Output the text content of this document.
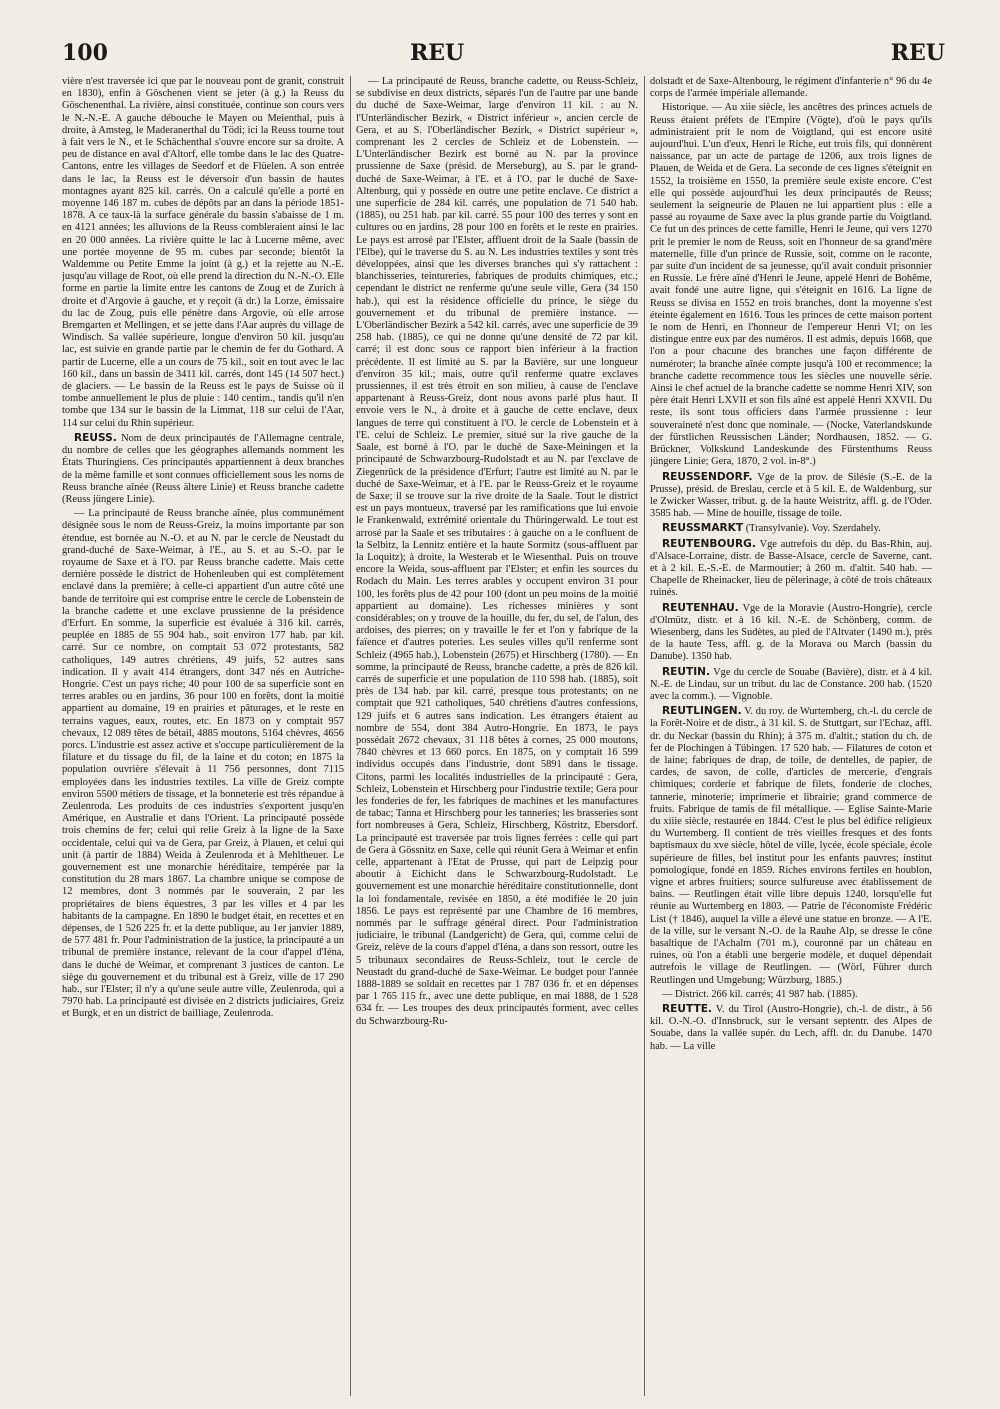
100	REU	REU

vière n'est traversée ici que par le nouveau pont de granit, construit en 1830), enfin à Göschenen vient se jeter (à g.) la Reuss du Göschenenthal. La rivière, ainsi constituée, continue son cours vers le N.-N.-E. A gauche débouche le Mayen ou Meienthal, puis à droite, à Amsteg, le Maderanerthal du Tödi; ici la Reuss tourne tout à fait vers le N., et le Schächenthal s'ouvre encore sur sa droite. A peu de distance en aval d'Altorf, elle tombe dans le lac des Quatre-Cantons, entre les villages de Seedorf et de Flüelen. A son entrée dans le lac, la Reuss est le déversoir d'un bassin de hautes montagnes ayant 825 kil. carrés. On a calculé qu'elle a porté en moyenne 146 187 m. cubes de dépôts par an dans la période 1851-1878. A ce taux-là la surface générale du bassin s'abaisse de 1 m. en 4121 années; les alluvions de la Reuss combleraient ainsi le lac en 20 000 années. La rivière quitte le lac à Lucerne même, avec une portée moyenne de 95 m. cubes par seconde; bientôt la Waldemme ou Petite Emme la joint (à g.) et la rejette au N.-E. jusqu'au village de Root, où elle prend la direction du N.-N.-O. Elle forme en partie la limite entre les cantons de Zoug et de Zurich à droite et d'Argovie à gauche, et y reçoit (à dr.) la Lorze, émissaire du lac de Zoug, puis elle pénètre dans Argovie, où elle arrose Bremgarten et Mellingen, et se jette dans l'Aar auprès du village de Windisch. Sa vallée supérieure, longue d'environ 50 kil. jusqu'au lac, est suivie en grande partie par le chemin de fer du Gothard. A partir de Lucerne, elle a un cours de 75 kil., soit en tout avec le lac 160 kil., dans un bassin de 3411 kil. carrés, dont 145 (14 507 hect.) de glaciers. — Le bassin de la Reuss est le pays de Suisse où il tombe annuellement le plus de pluie : 140 centim., tandis qu'il n'en tombe que 134 sur le bassin de la Limmat, 118 sur celui de l'Aar, 114 sur celui du Rhin supérieur.

REUSS. Nom de deux principautés de l'Allemagne centrale, du nombre de celles que les géographes allemands nomment les États Thuringiens. Ces principautés appartiennent à deux branches de la même famille et sont connues officiellement sous les noms de Reuss branche aînée (Reuss ältere Linie) et Reuss branche cadette (Reuss jüngere Linie).

— La principauté de Reuss branche aînée, plus communément désignée sous le nom de Reuss-Greiz, la moins importante par son étendue, est bornée au N.-O. et au N. par le cercle de Neustadt du grand-duché de Saxe-Weimar, à l'E., au S. et au S.-O. par le royaume de Saxe et à l'O. par Reuss branche cadette. Mais cette dernière possède le district de Hohenleuben qui est complètement enclavé dans la première; à celle-ci appartient d'un autre côté une bande de territoire qui est comprise entre le cercle de Lobenstein de la branche cadette et une exclave prussienne de la présidence d'Erfurt. En somme, la superficie est évaluée à 316 kil. carrés, peuplée en 1885 de 55 904 hab., soit environ 177 hab. par kil. carré. Sur ce nombre, on comptait 53 072 protestants, 582 catholiques, 149 autres chrétiens, 49 juifs, 52 autres sans indication. Il y avait 414 étrangers, dont 347 nés en Autriche-Hongrie. C'est un pays riche; 40 pour 100 de sa superficie sont en terres arables ou en jardins, 36 pour 100 en forêts, dont la moitié appartient au domaine, 19 en prairies et pâturages, et le reste en terrains vagues, eaux, routes, etc. En 1873 on y comptait 957 chevaux, 12 089 têtes de bétail, 4885 moutons, 5164 chèvres, 4656 porcs. L'industrie est assez active et s'occupe particulièrement de la filature et du tissage du fil, de la laine et du coton; en 1875 la population ouvrière s'élevait à 11 756 personnes, dont 7115 employées dans les industries textiles. La ville de Greiz compte environ 5500 métiers de tissage, et la bonneterie est très répandue à Zeulenroda. Les produits de ces industries s'exportent jusqu'en Amérique, en Australie et dans l'Orient. La principauté possède trois chemins de fer; celui qui relie Greiz à la ligne de la Saxe occidentale, celui qui va de Gera, par Greiz, à Plauen, et celui qui unit (à partir de 1884) Weida à Zeulenroda et à Mehltheuer. Le gouvernement est une monarchie héréditaire, tempérée par la constitution du 28 mars 1867. La chambre unique se compose de 12 membres, dont 3 nommés par le souverain, 2 par les propriétaires de biens équestres, 3 par les villes et 4 par les habitants de la campagne. En 1890 le budget était, en recettes et en dépenses, de 1 526 225 fr. et la dette publique, au 1er janvier 1889, de 577 481 fr. Pour l'administration de la justice, la principauté a un tribunal de première instance, relevant de la cour d'appel d'Iéna, dans le duché de Weimar, et comprenant 3 justices de canton. Le siège du gouvernement et du tribunal est à Greiz, ville de 17 290 hab., sur l'Elster; il n'y a qu'une seule autre ville, Zeulenroda, qui a 7970 hab. La principauté est divisée en 2 districts judiciaires, Greiz et Burgk, et en un district de bailliage, Zeulenroda.

— La principauté de Reuss, branche cadette, ou Reuss-Schleiz, se subdivise en deux districts, séparés l'un de l'autre par une bande du duché de Saxe-Weimar, large d'environ 11 kil. : au N. l'Unterländischer Bezirk, « District inférieur », ancien cercle de Gera, et au S. l'Oberländischer Bezirk, « District supérieur », comprenant les 2 cercles de Schleiz et de Lobenstein. — L'Unterländischer Bezirk est borné au N. par la province prussienne de Saxe (présid. de Merseburg), au S. par le grand-duché de Saxe-Weimar, à l'E. et à l'O. par le duché de Saxe-Altenburg, qui y possède en outre une petite enclave. Ce district a une superficie de 284 kil. carrés, une population de 71 540 hab. (1885), ou 251 hab. par kil. carré. 55 pour 100 des terres y sont en cultures ou en jardins, 28 pour 100 en forêts et le reste en prairies. Le pays est arrosé par l'Elster, affluent droit de la Saale (bassin de l'Elbe), qui le traverse du S. au N. Les industries textiles y sont très développées, ainsi que les diverses branches qui s'y rattachent : blanchisseries, teintureries, fabriques de produits chimiques, etc.; cependant le district ne renferme qu'une seule ville, Gera (34 150 hab.), qui est la résidence officielle du prince, le siège du gouvernement et du tribunal de première instance. — L'Oberländischer Bezirk a 542 kil. carrés, avec une superficie de 39 258 hab. (1885), ce qui ne donne qu'une densité de 72 par kil. carré; il est donc sous ce rapport bien inférieur à la fraction précédente. Il est limité au S. par la Bavière, sur une longueur d'environ 35 kil.; mais, outre qu'il renferme quatre exclaves prussiennes, il est très étroit en son milieu, à cause de l'enclave appartenant à Reuss-Greiz, dont nous avons parlé plus haut. Il envoie vers le N., à droite et à gauche de cette enclave, deux langues de terre qui constituent à l'O. le cercle de Lobenstein et à l'E. celui de Schleiz. Le premier, situé sur la rive gauche de la Saale, est borné à l'O. par le duché de Saxe-Meiningen et la principauté de Schwarzbourg-Rudolstadt et au N. par l'exclave de Ziegenrück de la présidence d'Erfurt; l'autre est limité au N. par le duché de Saxe-Weimar, et à l'E. par le Reuss-Greiz et le royaume de Saxe; il se trouve sur la rive droite de la Saale. Tout le district est un pays montueux, traversé par les ramifications que lui envoie le Frankenwald, extrémité orientale du Thüringerwald. Le tout est arrosé par la Saale et ses tributaires : à gauche on a le confluent de la Selbitz, la Lennitz entière et la haute Sormitz (sous-affluent par la Loquitz); à droite, la Westerab et le Wiesenthal. Puis on trouve encore la Weida, sous-affluent par l'Elster; et enfin les sources du Rodach du Main. Les terres arables y occupent environ 31 pour 100, les forêts plus de 42 pour 100 (dont un peu moins de la moitié appartient au domaine). Les richesses minières y sont considérables; on y trouve de la houille, du fer, du sel, de l'alun, des ardoises, des pierres; on y travaille le fer et l'on y fabrique de la faïence et d'autres poteries. Les seules villes qu'il renferme sont Schleiz (4965 hab.), Lobenstein (2675) et Hirschberg (1780). — En somme, la principauté de Reuss, branche cadette, a près de 826 kil. carrés de superficie et une population de 110 598 hab. (1885), soit près de 134 hab. par kil. carré, presque tous protestants; on ne comptait que 921 catholiques, 540 chrétiens d'autres confessions, 129 juifs et 6 autres sans indication. Les étrangers étaient au nombre de 554, dont 384 Autro-Hongrie. En 1873, le pays possédait 2672 chevaux, 31 118 bêtes à cornes, 25 000 moutons, 7840 chèvres et 13 660 porcs. En 1875, on y comptait 16 599 individus occupés dans l'industrie, dont 5891 dans le tissage. Citons, parmi les localités industrielles de la principauté : Gera, Schleiz, Lobenstein et Hirschberg pour l'industrie textile; Gera pour les fonderies de fer, les fabriques de machines et les manufactures de tabac; Tanna et Hirschberg pour les tanneries; les brasseries sont fort nombreuses à Gera, Schleiz, Hirschberg, Köstritz, Ebersdorf. La principauté est traversée par trois lignes ferrées : celle qui part de Gera à Gössnitz en Saxe, celle qui réunit Gera à Weimar et enfin celle, appartenant à l'Etat de Prusse, qui part de Leipzig pour aboutir à Eichicht dans le Schwarzbourg-Rudolstadt. Le gouvernement est une monarchie héréditaire constitutionnelle, dont la loi fondamentale, revisée en 1850, a été modifiée le 20 juin 1856. Le pays est représenté par une Chambre de 16 membres, nommés par le suffrage général direct. Pour l'administration judiciaire, le tribunal (Landgericht) de Gera, qui, comme celui de Greiz, relève de la cours d'appel d'Iéna, a dans son ressort, outre les 5 tribunaux secondaires de Reuss-Schleiz, tout le cercle de Neustadt du grand-duché de Saxe-Weimar. Le budget pour l'année 1888-1889 se soldait en recettes par 1 787 036 fr. et en dépenses par 1 765 115 fr., avec une dette publique, en mai 1888, de 1 528 634 fr. — Les troupes des deux principautés forment, avec celles du Schwarzbourg-Ru-

dolstadt et de Saxe-Altenbourg, le régiment d'infanterie n° 96 du 4e corps de l'armée impériale allemande.

Historique. — Au xiie siècle, les ancêtres des princes actuels de Reuss étaient préfets de l'Empire (Vögte), d'où le pays qu'ils administraient prit le nom de Voigtland, qui est encore usité aujourd'hui. L'un d'eux, Henri le Riche, eut trois fils, qui donnèrent naissance, par un acte de partage de 1206, aux trois lignes de Plauen, de Weida et de Gera. La seconde de ces lignes s'éteignit en 1552, la troisième en 1550, la première seule existe encore. C'est elle qui possède aujourd'hui les deux principautés de Reuss; seulement la seigneurie de Plauen ne lui appartient plus : elle a passé au royaume de Saxe avec la plus grande partie du Voigtland. Ce fut un des princes de cette famille, Henri le Jeune, qui vers 1270 prit le premier le nom de Reuss, soit en l'honneur de sa grand'mère maternelle, fille d'un prince de Russie, soit, comme on le raconte, par suite d'un incident de sa jeunesse, qu'il avait conduit prisonnier en Russie. Le frère aîné d'Henri le Jeune, appelé Henri de Bohême, avait fondé une autre ligne, qui s'éteignit en 1616. La ligne de Reuss se divisa en 1552 en trois branches, dont la moyenne s'est éteinte également en 1616. Tous les princes de cette maison portent le nom de Henri, en l'honneur de l'empereur Henri VI; on les distingue entre eux par des numéros. Il est admis, depuis 1668, que l'on a pour chacune des branches une façon différente de numéroter; la branche aînée compte jusqu'à 100 et recommence; la branche cadette recommence tous les siècles une nouvelle série. Ainsi le chef actuel de la branche cadette se nomme Henri XIV, son père était Henri LXVII et son fils aîné est appelé Henri XXVII. Du reste, ils sont tous officiers dans l'armée prussienne : leur souveraineté n'est donc que nominale. — (Nocke, Vaterlandskunde der fürstlichen Reussischen Länder; Nordhausen, 1852. — G. Brückner, Volkskund Landeskunde des Fürstenthums Reuss jüngere Linie; Gera, 1870, 2 vol. in-8°.)

REUSSENDORF. Vge de la prov. de Silésie (S.-E. de la Prusse), présid. de Breslau, cercle et à 5 kil. E. de Waldenburg, sur le Zwicker Wasser, tribut. g. de la haute Weistritz, affl. g. de l'Oder. 3585 hab. — Mine de houille, tissage de toile.

REUSSMARKT (Transylvanie). Voy. Szerdahely.

REUTENBOURG. Vge autrefois du dép. du Bas-Rhin, auj. d'Alsace-Lorraine, distr. de Basse-Alsace, cercle de Saverne, cant. et à 2 kil. E.-S.-E. de Marmoutier; à 260 m. d'altit. 540 hab. — Chapelle de Rheinacker, lieu de pèlerinage, à côté de trois châteaux ruinés.

REUTENHAU. Vge de la Moravie (Austro-Hongrie), cercle d'Olmütz, distr. et à 16 kil. N.-E. de Schönberg, comm. de Wiesenberg, dans les Sudètes, au pied de l'Altvater (1490 m.), près de la haute Tess, affl. g. de la Morava ou March (bassin du Danube). 1350 hab.

REUTIN. Vge du cercle de Souabe (Bavière), distr. et à 4 kil. N.-E. de Lindau, sur un tribut. du lac de Constance. 200 hab. (1520 avec la comm.). — Vignoble.

REUTLINGEN. V. du roy. de Wurtemberg, ch.-l. du cercle de la Forêt-Noire et de distr., à 31 kil. S. de Stuttgart, sur l'Echaz, affl. dr. du Neckar (bassin du Rhin); à 375 m. d'altit.; station du ch. de fer de Plochingen à Tübingen. 17 520 hab. — Filatures de coton et de laine; fabriques de drap, de toile, de dentelles, de papier, de cardes, de savon, de colle, d'articles de mercerie, d'engrais chimiques; corderie et fabrique de filets, fonderie de cloches, tannerie, minoterie; imprimerie et librairie; grand commerce de fruits. Fabrique de tamis de fil métallique. — Eglise Sainte-Marie du xiiie siècle, restaurée en 1844. C'est le plus bel édifice religieux du Wurtemberg. Il contient de très vieilles fresques et des fonts baptismaux du xve siècle, hôtel de ville, lycée, école spéciale, école supérieure de filles, bel institut pour les enfants pauvres; institut pomologique, fondé en 1859. Riches environs fertiles en houblon, vigne et arbres fruitiers; source sulfureuse avec établissement de bains. — Reutlingen était ville libre depuis 1240, lorsqu'elle fut réunie au Wurtemberg en 1803. — Patrie de l'économiste Frédéric List († 1846), auquel la ville a élevé une statue en bronze. — A l'E. de la ville, sur le versant N.-O. de la Rauhe Alp, se dresse le cône basaltique de l'Achalm (701 m.), couronné par un château en ruines, où l'on a établi une bergerie modèle, et duquel dépendait autrefois le village de Reutlingen. — (Wörl, Führer durch Reutlingen und Umgebung; Würzburg, 1885.)

— District. 266 kil. carrés; 41 987 hab. (1885).

REUTTE. V. du Tirol (Austro-Hongrie), ch.-l. de distr., à 56 kil. O.-N.-O. d'Innsbruck, sur le versant septentr. des Alpes de Souabe, dans la vallée supér. du Lech, affl. dr. du Danube. 1470 hab. — La ville
